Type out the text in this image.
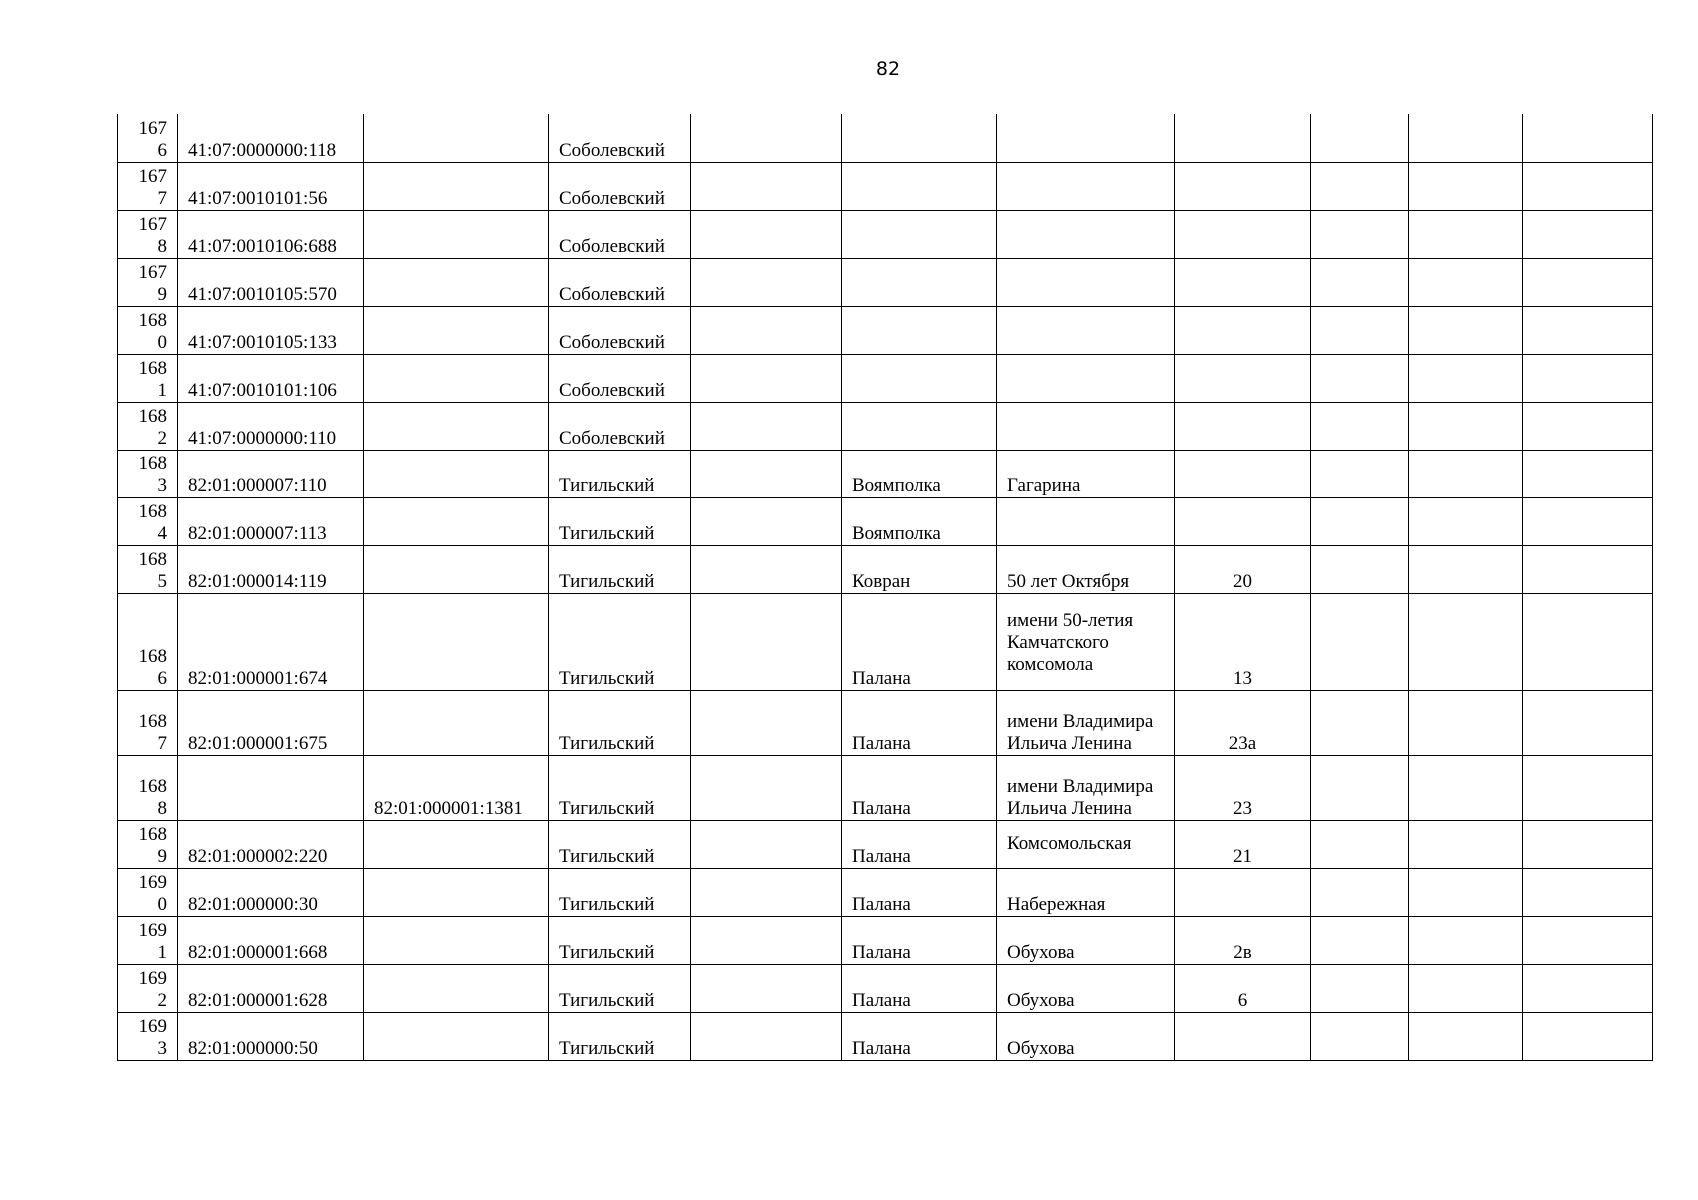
82
167
6	41:07:0000000:118		Соболевский							

167
7	41:07:0010101:56		Соболевский							

167
8	41:07:0010106:688		Соболевский							

167
9	41:07:0010105:570		Соболевский							

168
0	41:07:0010105:133		Соболевский							

168
1	41:07:0010101:106		Соболевский							

168
2	41:07:0000000:110		Соболевский							

168
3	82:01:000007:110		Тигильский		Воямполка	Гагарина				

168
4	82:01:000007:113		Тигильский		Воямполка					

168
5	82:01:000014:119		Тигильский		Ковран	50 лет Октября	20			

168
6	82:01:000001:674		Тигильский		Палана	имени 50-летия
Камчатского
комсомола	13			

168
7	82:01:000001:675		Тигильский		Палана	имени Владимира
Ильича Ленина	23а			

168
8		82:01:000001:1381	Тигильский		Палана	имени Владимира
Ильича Ленина	23			

168
9	82:01:000002:220		Тигильский		Палана	Комсомольская	21			

169
0	82:01:000000:30		Тигильский		Палана	Набережная				

169
1	82:01:000001:668		Тигильский		Палана	Обухова	2в			

169
2	82:01:000001:628		Тигильский		Палана	Обухова	6			

169
3	82:01:000000:50		Тигильский		Палана	Обухова				
